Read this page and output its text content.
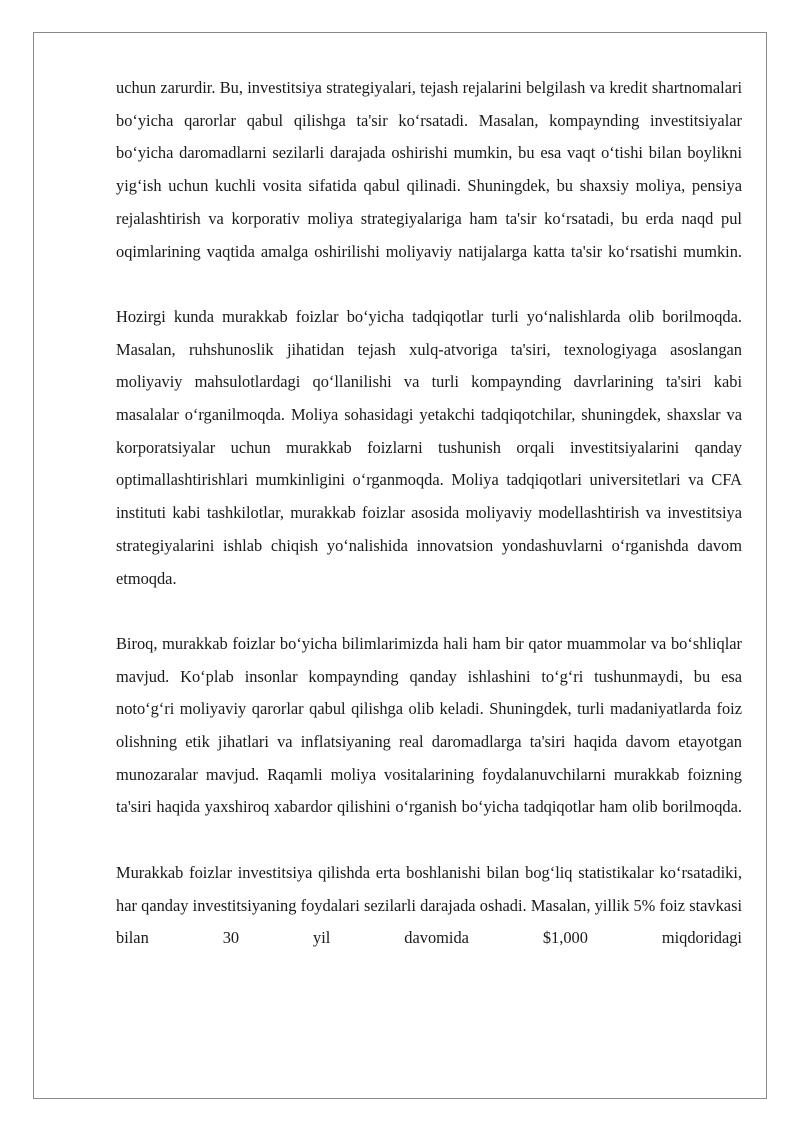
uchun zarurdir. Bu, investitsiya strategiyalari, tejash rejalarini belgilash va kredit shartnomalari bo‘yicha qarorlar qabul qilishga ta'sir ko‘rsatadi. Masalan, kompaynding investitsiyalar bo‘yicha daromadlarni sezilarli darajada oshirishi mumkin, bu esa vaqt o‘tishi bilan boylikni yig‘ish uchun kuchli vosita sifatida qabul qilinadi. Shuningdek, bu shaxsiy moliya, pensiya rejalashtirish va korporativ moliya strategiyalariga ham ta'sir ko‘rsatadi, bu erda naqd pul oqimlarining vaqtida amalga oshirilishi moliyaviy natijalarga katta ta'sir ko‘rsatishi mumkin.

Hozirgi kunda murakkab foizlar bo‘yicha tadqiqotlar turli yo‘nalishlarda olib borilmoqda. Masalan, ruhshunoslik jihatidan tejash xulq-atvoriga ta'siri, texnologiyaga asoslangan moliyaviy mahsulotlardagi qo‘llanilishi va turli kompaynding davrlarining ta'siri kabi masalalar o‘rganilmoqda. Moliya sohasidagi yetakchi tadqiqotchilar, shuningdek, shaxslar va korporatsiyalar uchun murakkab foizlarni tushunish orqali investitsiyalarini qanday optimallashtirishlari mumkinligini o‘rganmoqda. Moliya tadqiqotlari universitetlari va CFA instituti kabi tashkilotlar, murakkab foizlar asosida moliyaviy modellashtirish va investitsiya strategiyalarini ishlab chiqish yo‘nalishida innovatsion yondashuvlarni o‘rganishda davom etmoqda.

Biroq, murakkab foizlar bo‘yicha bilimlarimizda hali ham bir qator muammolar va bo‘shliqlar mavjud. Ko‘plab insonlar kompaynding qanday ishlashini to‘g‘ri tushunmaydi, bu esa noto‘g‘ri moliyaviy qarorlar qabul qilishga olib keladi. Shuningdek, turli madaniyatlarda foiz olishning etik jihatlari va inflatsiyaning real daromadlarga ta'siri haqida davom etayotgan munozaralar mavjud. Raqamli moliya vositalarining foydalanuvchilarni murakkab foizning ta'siri haqida yaxshiroq xabardor qilishini o‘rganish bo‘yicha tadqiqotlar ham olib borilmoqda.

Murakkab foizlar investitsiya qilishda erta boshlanishi bilan bog‘liq statistikalar ko‘rsatadiki, har qanday investitsiyaning foydalari sezilarli darajada oshadi. Masalan, yillik 5% foiz stavkasi bilan 30 yil davomida $1,000 miqdoridagi
